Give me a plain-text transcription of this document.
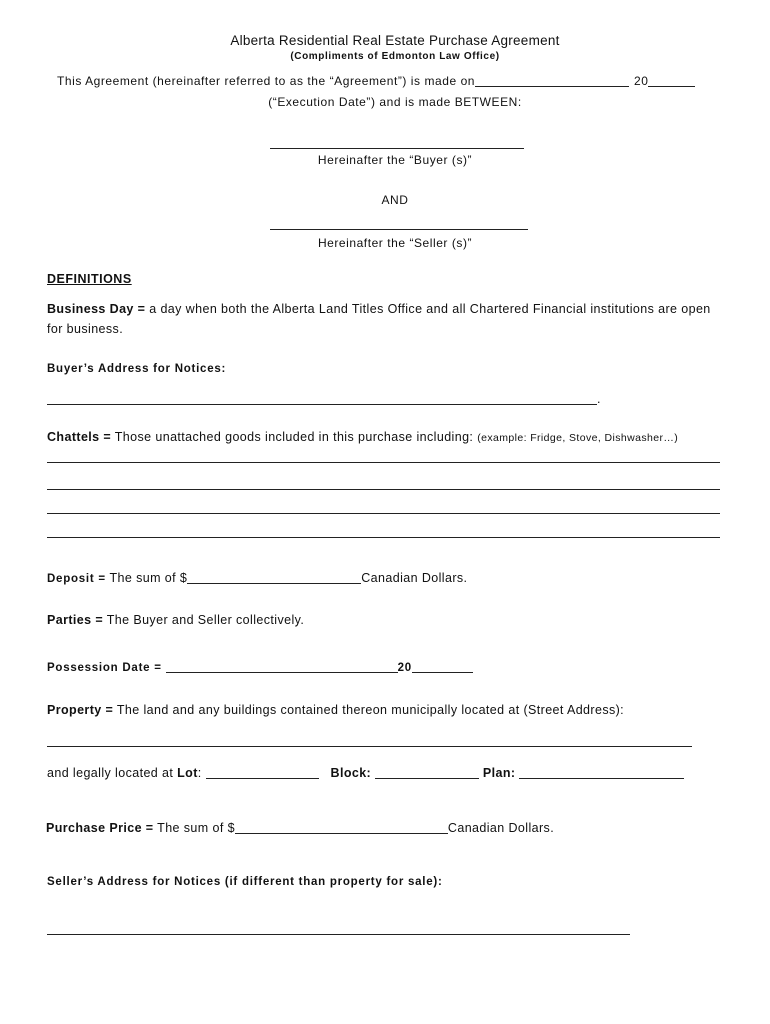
Alberta Residential Real Estate Purchase Agreement
(Compliments of Edmonton Law Office)
This Agreement (hereinafter referred to as the “Agreement”) is made on	20
(“Execution Date”) and is made BETWEEN:
Hereinafter the “Buyer (s)”
AND
Hereinafter the “Seller (s)”
DEFINITIONS
Business Day = a day when both the Alberta Land Titles Office and all Chartered Financial institutions are open
for business.
Buyer’s Address for Notices:
.
Chattels = Those unattached goods included in this purchase including: (example: Fridge, Stove, Dishwasher…)
Deposit = The sum of $	Canadian Dollars.
Parties = The Buyer and Seller collectively.
Possession Date =	20
Property = The land and any buildings contained thereon municipally located at (Street Address):
and legally located at Lot:	Block:	Plan:
Purchase Price = The sum of $	Canadian Dollars.
Seller’s Address for Notices (if different than property for sale):
